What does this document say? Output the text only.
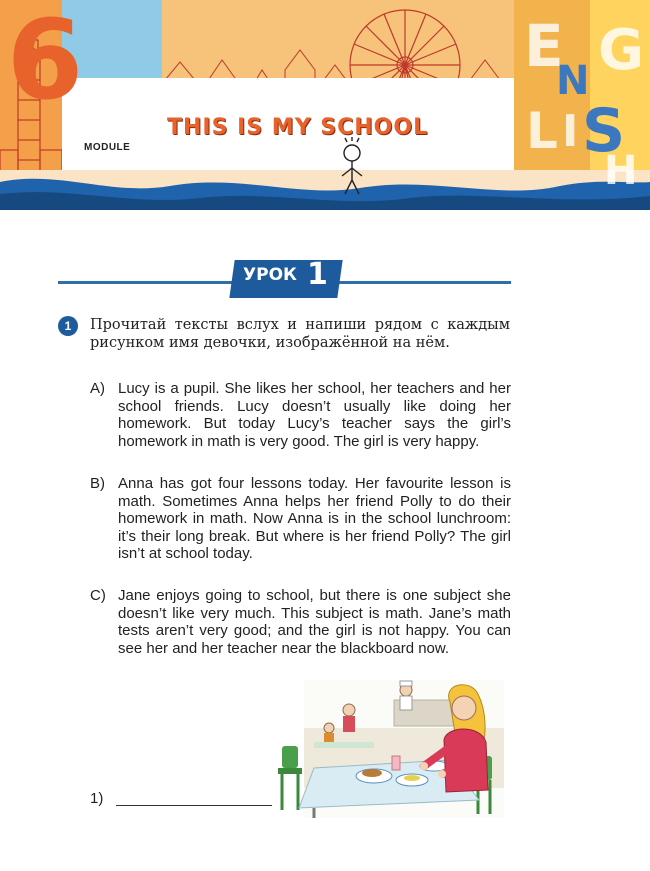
6
MODULE
THIS IS MY SCHOOL
E
N G
L I S
H
УРОК 1
1	Прочитай тексты вслух и напиши рядом с каждым рисунком имя девочки, изображённой на нём.
A) Lucy is a pupil. She likes her school, her teachers and her school friends. Lucy doesn’t usually like doing her homework. But today Lucy’s teacher says the girl’s homework in math is very good. The girl is very happy.
B) Anna has got four lessons today. Her favourite lesson is math. Sometimes Anna helps her friend Polly to do their homework in math. Now Anna is in the school lunchroom: it’s their long break. But where is her friend Polly? The girl isn’t at school today.
C) Jane enjoys going to school, but there is one subject she doesn’t like very much. This subject is math. Jane’s math tests aren’t very good; and the girl is not happy. You can see her and her teacher near the blackboard now.
1)
